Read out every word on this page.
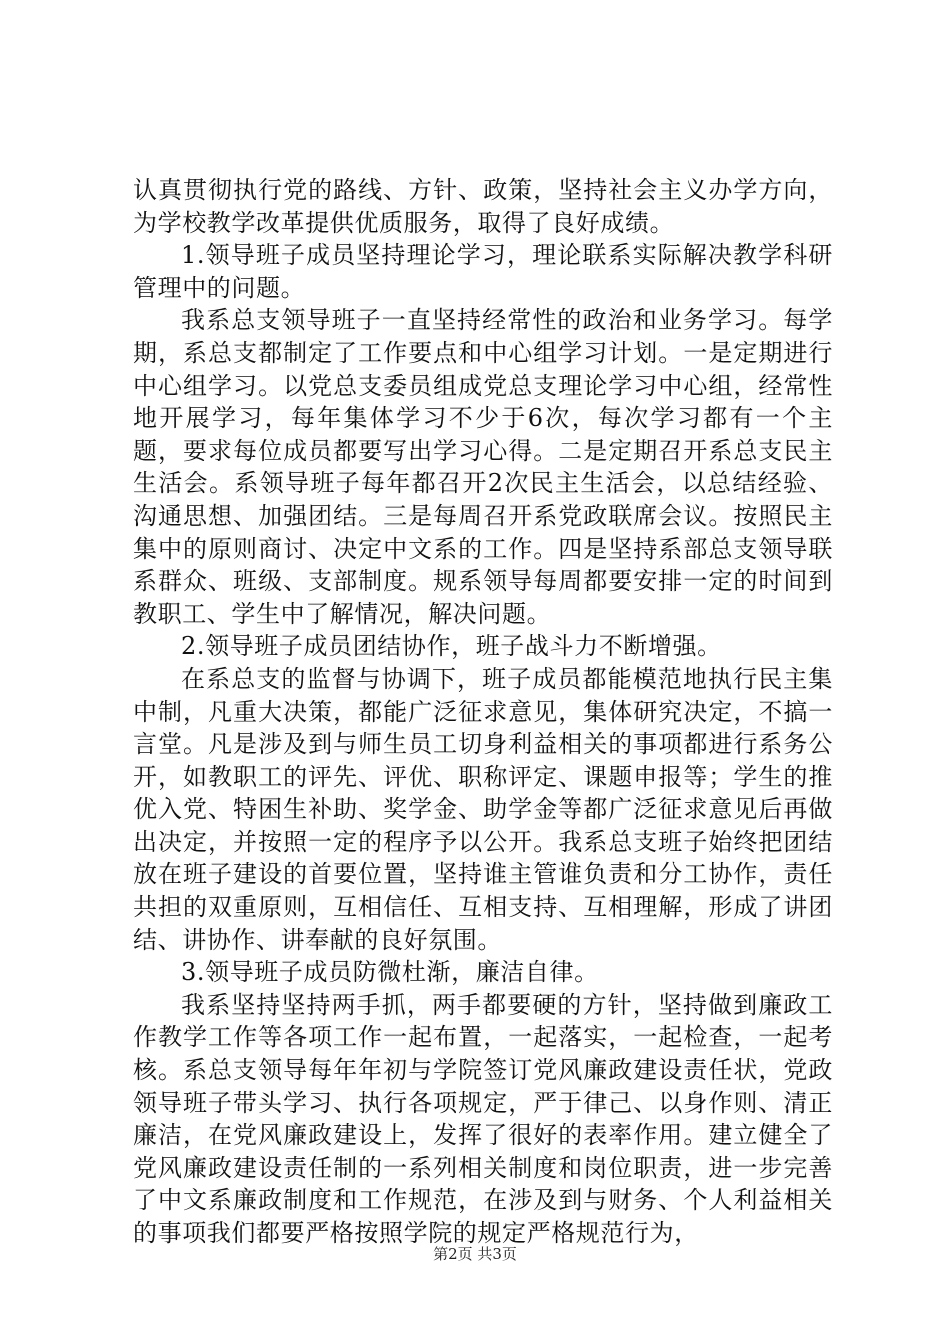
认真贯彻执行党的路线、方针、政策，坚持社会主义办学方向，为学校教学改革提供优质服务，取得了良好成绩。

1.领导班子成员坚持理论学习，理论联系实际解决教学科研管理中的问题。

我系总支领导班子一直坚持经常性的政治和业务学习。每学期，系总支都制定了工作要点和中心组学习计划。一是定期进行中心组学习。以党总支委员组成党总支理论学习中心组，经常性地开展学习，每年集体学习不少于6次，每次学习都有一个主题，要求每位成员都要写出学习心得。二是定期召开系总支民主生活会。系领导班子每年都召开2次民主生活会，以总结经验、沟通思想、加强团结。三是每周召开系党政联席会议。按照民主集中的原则商讨、决定中文系的工作。四是坚持系部总支领导联系群众、班级、支部制度。规系领导每周都要安排一定的时间到教职工、学生中了解情况，解决问题。

2.领导班子成员团结协作，班子战斗力不断增强。

在系总支的监督与协调下，班子成员都能模范地执行民主集中制，凡重大决策，都能广泛征求意见，集体研究决定，不搞一言堂。凡是涉及到与师生员工切身利益相关的事项都进行系务公开，如教职工的评先、评优、职称评定、课题申报等；学生的推优入党、特困生补助、奖学金、助学金等都广泛征求意见后再做出决定，并按照一定的程序予以公开。我系总支班子始终把团结放在班子建设的首要位置，坚持谁主管谁负责和分工协作，责任共担的双重原则，互相信任、互相支持、互相理解，形成了讲团结、讲协作、讲奉献的良好氛围。

3.领导班子成员防微杜渐，廉洁自律。

我系坚持坚持两手抓，两手都要硬的方针，坚持做到廉政工作教学工作等各项工作一起布置，一起落实，一起检查，一起考核。系总支领导每年年初与学院签订党风廉政建设责任状，党政领导班子带头学习、执行各项规定，严于律己、以身作则、清正廉洁，在党风廉政建设上，发挥了很好的表率作用。建立健全了党风廉政建设责任制的一系列相关制度和岗位职责，进一步完善了中文系廉政制度和工作规范，在涉及到与财务、个人利益相关的事项我们都要严格按照学院的规定严格规范行为，

第2页 共3页
